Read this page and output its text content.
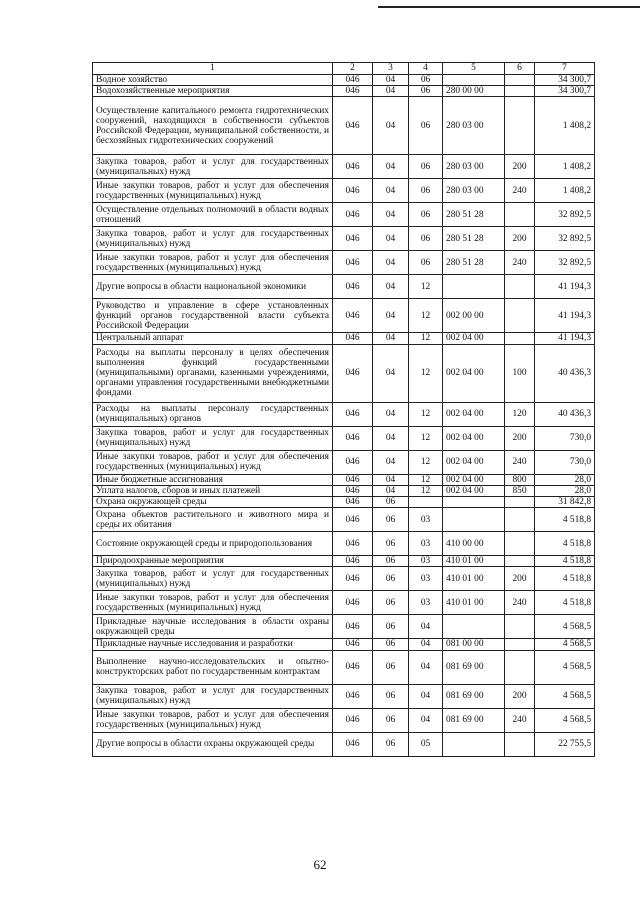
1	2	3	4	5	6	7
Водное хозяйство	046	04	06			34 300,7
Водохозяйственные мероприятия	046	04	06	280 00 00		34 300,7
Осуществление капитального ремонта гидротехнических сооружений, находящихся в собственности субъектов Российской Федерации, муниципальной собственности, и бесхозяйных гидротехнических сооружений	046	04	06	280 03 00		1 408,2
Закупка товаров, работ и услуг для государственных (муниципальных) нужд	046	04	06	280 03 00	200	1 408,2
Иные закупки товаров, работ и услуг для обеспечения государственных (муниципальных) нужд	046	04	06	280 03 00	240	1 408,2
Осуществление отдельных полномочий в области водных отношений	046	04	06	280 51 28		32 892,5
Закупка товаров, работ и услуг для государственных (муниципальных) нужд	046	04	06	280 51 28	200	32 892,5
Иные закупки товаров, работ и услуг для обеспечения государственных (муниципальных) нужд	046	04	06	280 51 28	240	32 892,5
Другие вопросы в области национальной экономики	046	04	12			41 194,3
Руководство и управление в сфере установленных функций органов государственной власти субъекта Российской Федерации	046	04	12	002 00 00		41 194,3
Центральный аппарат	046	04	12	002 04 00		41 194,3
Расходы на выплаты персоналу в целях обеспечения выполнения функций государственными (муниципальными) органами, казенными учреждениями, органами управления государственными внебюджетными фондами	046	04	12	002 04 00	100	40 436,3
Расходы на выплаты персоналу государственных (муниципальных) органов	046	04	12	002 04 00	120	40 436,3
Закупка товаров, работ и услуг для государственных (муниципальных) нужд	046	04	12	002 04 00	200	730,0
Иные закупки товаров, работ и услуг для обеспечения государственных (муниципальных) нужд	046	04	12	002 04 00	240	730,0
Иные бюджетные ассигнования	046	04	12	002 04 00	800	28,0
Уплата налогов, сборов и иных платежей	046	04	12	002 04 00	850	28,0
Охрана окружающей среды	046	06				31 842,8
Охрана объектов растительного и животного мира и среды их обитания	046	06	03			4 518,8
Состояние окружающей среды и природопользования	046	06	03	410 00 00		4 518,8
Природоохранные мероприятия	046	06	03	410 01 00		4 518,8
Закупка товаров, работ и услуг для государственных (муниципальных) нужд	046	06	03	410 01 00	200	4 518,8
Иные закупки товаров, работ и услуг для обеспечения государственных (муниципальных) нужд	046	06	03	410 01 00	240	4 518,8
Прикладные научные исследования в области охраны окружающей среды	046	06	04			4 568,5
Прикладные научные исследования и разработки	046	06	04	081 00 00		4 568,5
Выполнение научно-исследовательских и опытно-конструкторских работ по государственным контрактам	046	06	04	081 69 00		4 568,5
Закупка товаров, работ и услуг для государственных (муниципальных) нужд	046	06	04	081 69 00	200	4 568,5
Иные закупки товаров, работ и услуг для обеспечения государственных (муниципальных) нужд	046	06	04	081 69 00	240	4 568,5
Другие вопросы в области охраны окружающей среды	046	06	05			22 755,5
62
